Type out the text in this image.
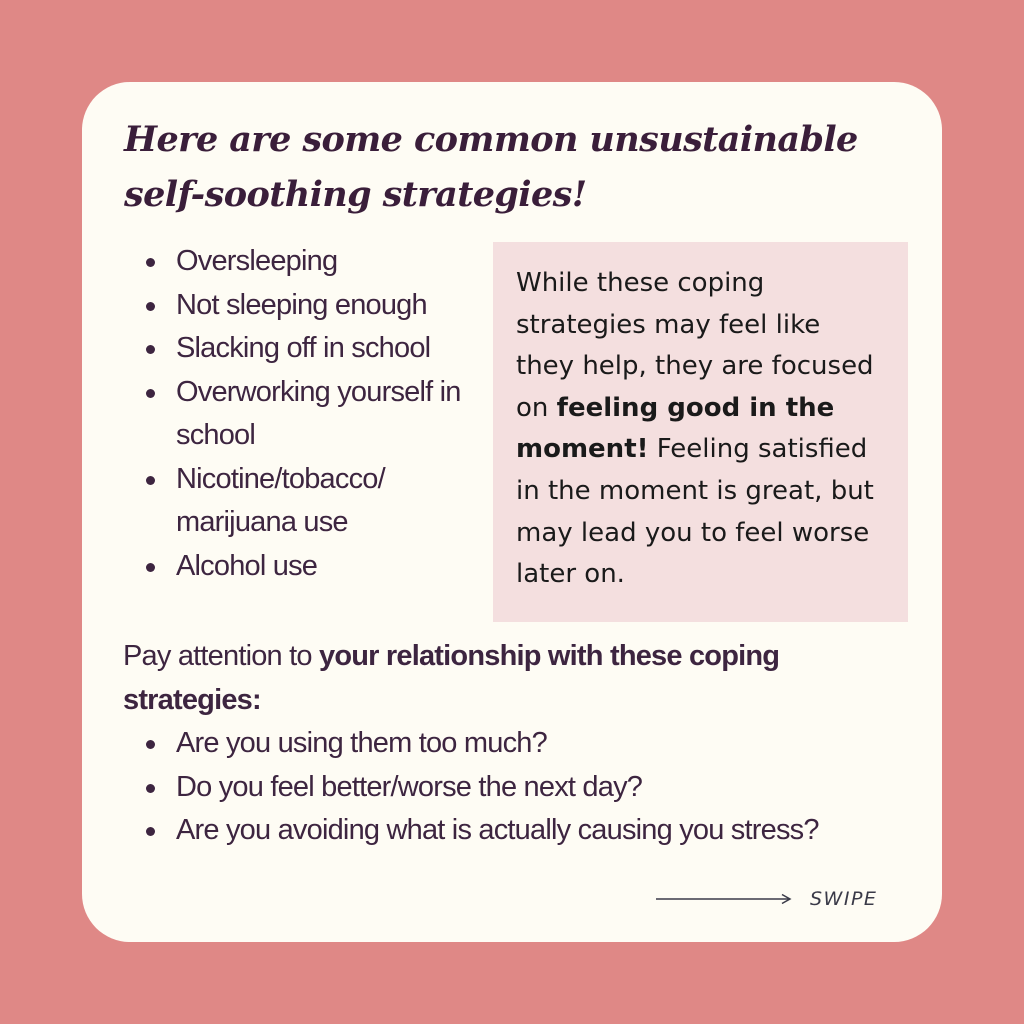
Here are some common unsustainable
self-soothing strategies!
Oversleeping
Not sleeping enough
Slacking off in school
Overworking yourself in school
Nicotine/tobacco/ marijuana use
Alcohol use

While these coping strategies may feel like they help, they are focused on feeling good in the moment! Feeling satisfied in the moment is great, but may lead you to feel worse later on.

Pay attention to your relationship with these coping strategies:

Are you using them too much?
Do you feel better/worse the next day?
Are you avoiding what is actually causing you stress?
SWIPE
